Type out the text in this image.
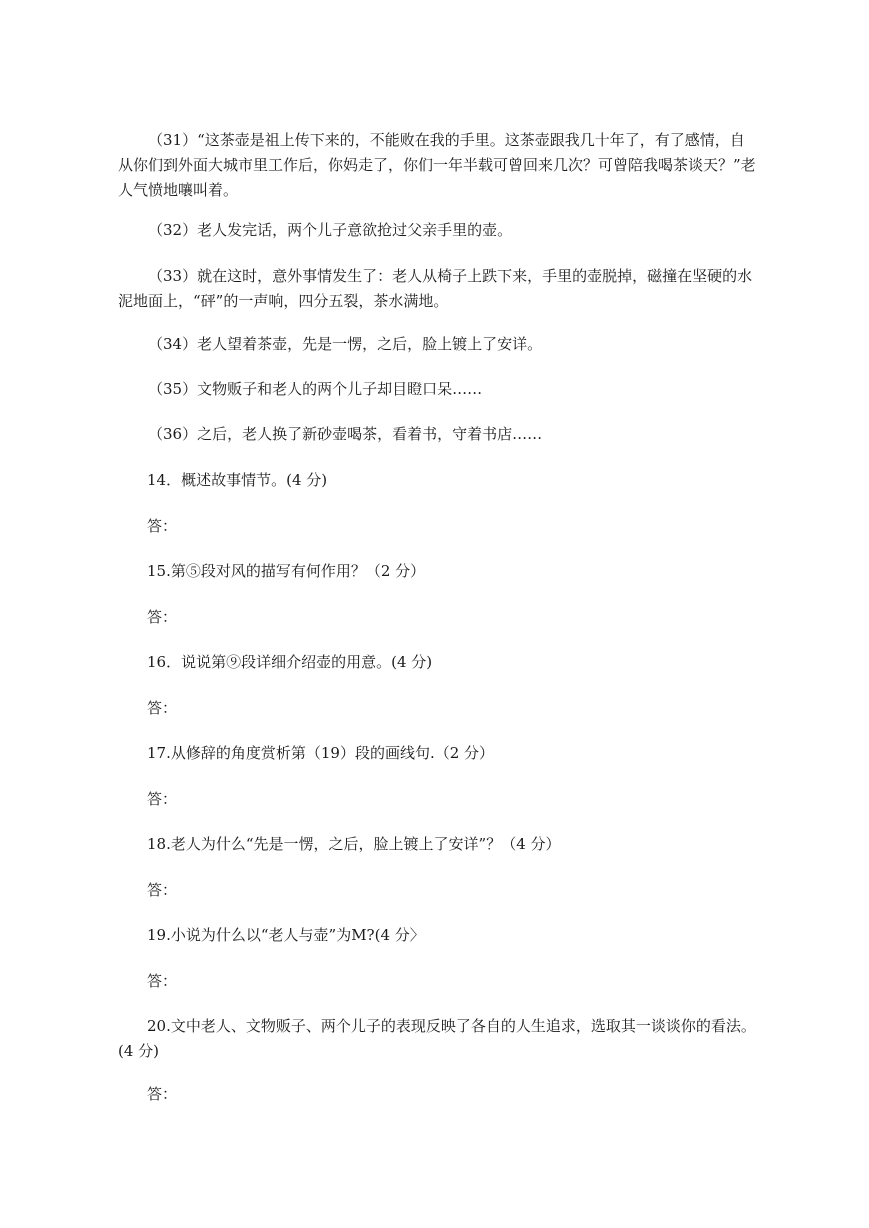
（31）“这茶壶是祖上传下来的，不能败在我的手里。这茶壶跟我几十年了，有了感情，自从你们到外面大城市里工作后，你妈走了，你们一年半载可曾回来几次？可曾陪我喝茶谈天？”老人气愤地嚷叫着。

（32）老人发完话，两个儿子意欲抢过父亲手里的壶。

（33）就在这时，意外事情发生了：老人从椅子上跌下来，手里的壶脱掉，磁撞在坚硬的水泥地面上，“砰”的一声响，四分五裂，茶水满地。

（34）老人望着茶壶，先是一愣，之后，脸上镀上了安详。

（35）文物贩子和老人的两个儿子却目瞪口呆……

（36）之后，老人换了新砂壶喝茶，看着书，守着书店……

14．概述故事情节。(4 分)

答：

15.第⑤段对风的描写有何作用？（2 分）

答：

16．说说第⑨段详细介绍壶的用意。(4 分)

答：

17.从修辞的角度赏析第（19）段的画线句.（2 分）

答：

18.老人为什么“先是一愣，之后，脸上镀上了安详”？（4 分）

答：

19.小说为什么以“老人与壶”为M?(4 分〉

答：

20.文中老人、文物贩子、两个儿子的表现反映了各自的人生追求，选取其一谈谈你的看法。(4 分)

答：
